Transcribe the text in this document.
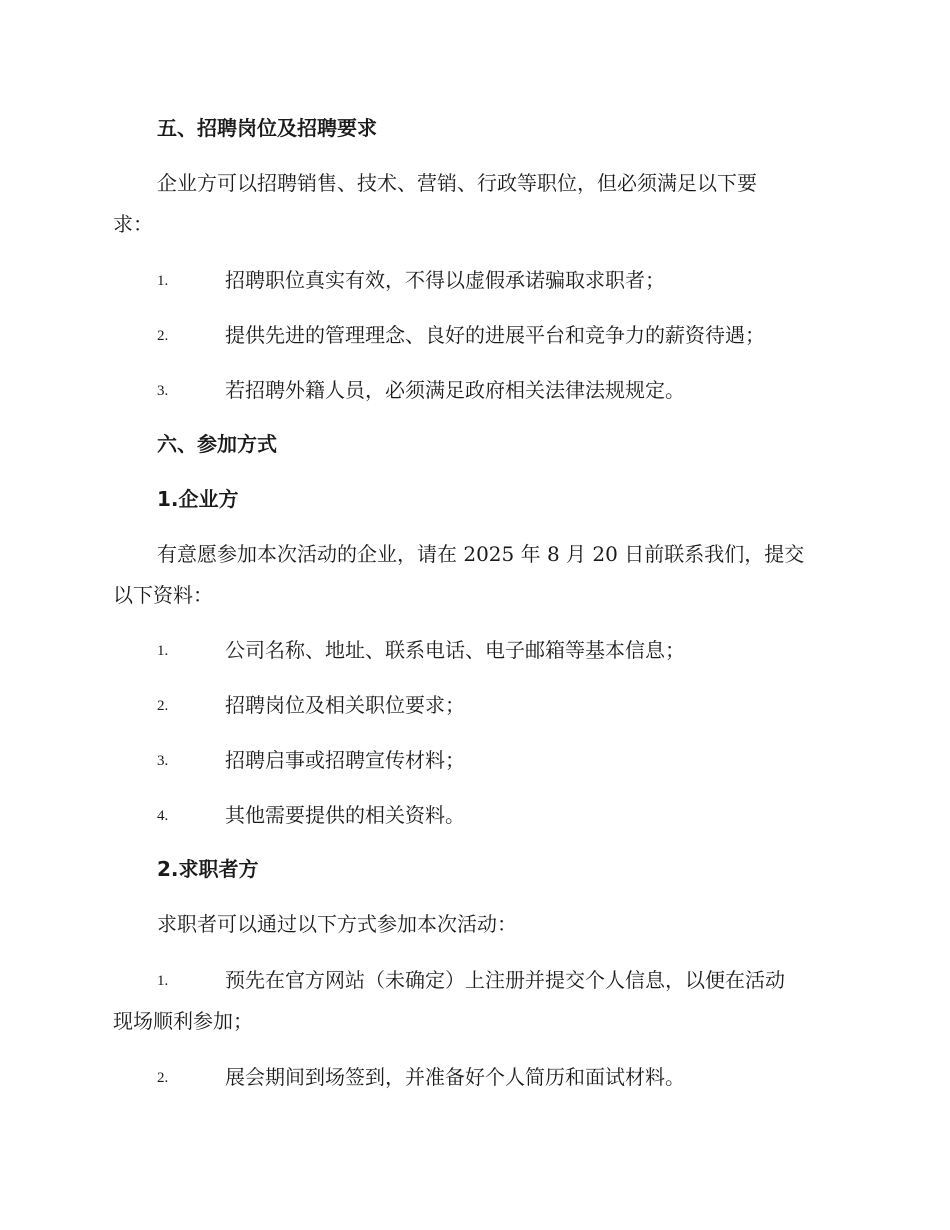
五、招聘岗位及招聘要求
企业方可以招聘销售、技术、营销、行政等职位，但必须满足以下要
求：
1.	招聘职位真实有效，不得以虚假承诺骗取求职者；
2.	提供先进的管理理念、良好的进展平台和竞争力的薪资待遇；
3.	若招聘外籍人员，必须满足政府相关法律法规规定。
六、参加方式
1.企业方
有意愿参加本次活动的企业，请在 2025 年 8 月 20 日前联系我们，提交
以下资料：
1.	公司名称、地址、联系电话、电子邮箱等基本信息；
2.	招聘岗位及相关职位要求；
3.	招聘启事或招聘宣传材料；
4.	其他需要提供的相关资料。
2.求职者方
求职者可以通过以下方式参加本次活动：
1.	预先在官方网站（未确定）上注册并提交个人信息，以便在活动
现场顺利参加；
2.	展会期间到场签到，并准备好个人简历和面试材料。
